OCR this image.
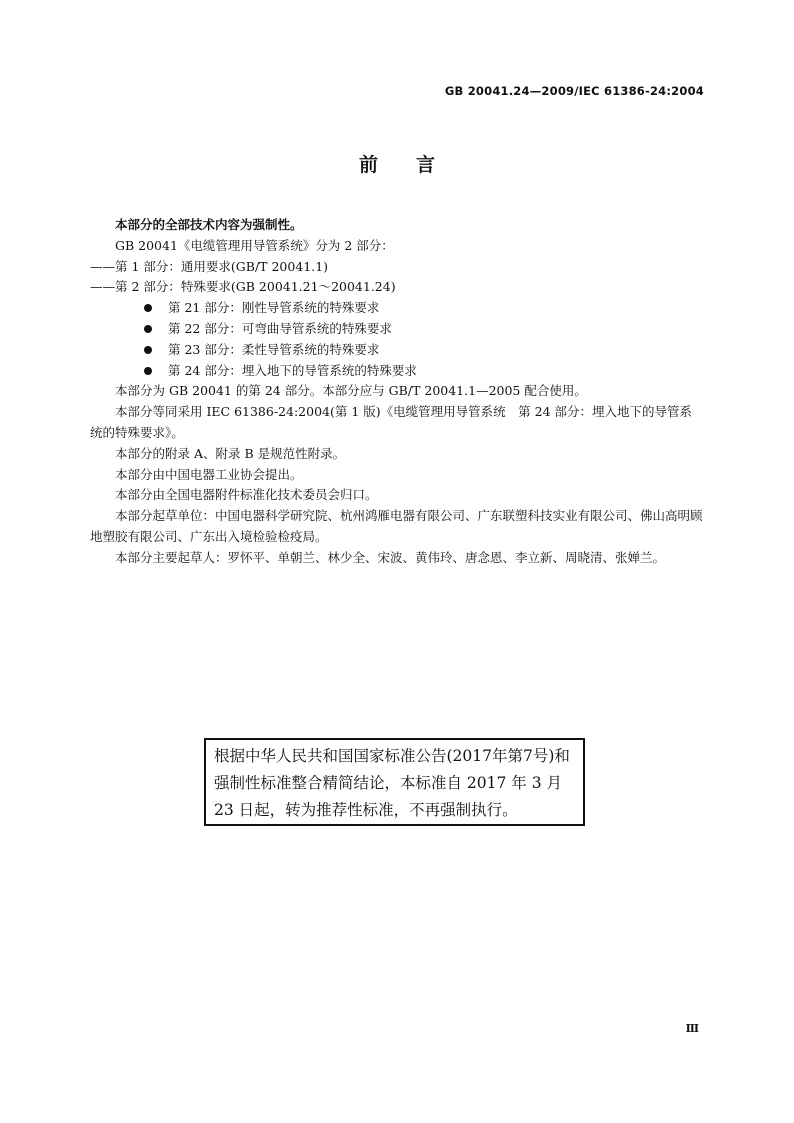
GB 20041.24—2009/IEC 61386-24:2004
前言

本部分的全部技术内容为强制性。

GB 20041《电缆管理用导管系统》分为 2 部分：

——第 1 部分：通用要求(GB/T 20041.1)

——第 2 部分：特殊要求(GB 20041.21～20041.24)

第 21 部分：刚性导管系统的特殊要求
第 22 部分：可弯曲导管系统的特殊要求
第 23 部分：柔性导管系统的特殊要求
第 24 部分：埋入地下的导管系统的特殊要求

本部分为 GB 20041 的第 24 部分。本部分应与 GB/T 20041.1—2005 配合使用。

本部分等同采用 IEC 61386-24:2004(第 1 版)《电缆管理用导管系统　第 24 部分：埋入地下的导管系统的特殊要求》。

本部分的附录 A、附录 B 是规范性附录。

本部分由中国电器工业协会提出。

本部分由全国电器附件标准化技术委员会归口。

本部分起草单位：中国电器科学研究院、杭州鸿雁电器有限公司、广东联塑科技实业有限公司、佛山高明顾地塑胶有限公司、广东出入境检验检疫局。

本部分主要起草人：罗怀平、单朝兰、林少全、宋波、黄伟玲、唐念恩、李立新、周晓清、张婵兰。

根据中华人民共和国国家标准公告(2017年第7号)和强制性标准整合精简结论，本标准自 2017 年 3 月 23 日起，转为推荐性标准，不再强制执行。
Ⅲ
